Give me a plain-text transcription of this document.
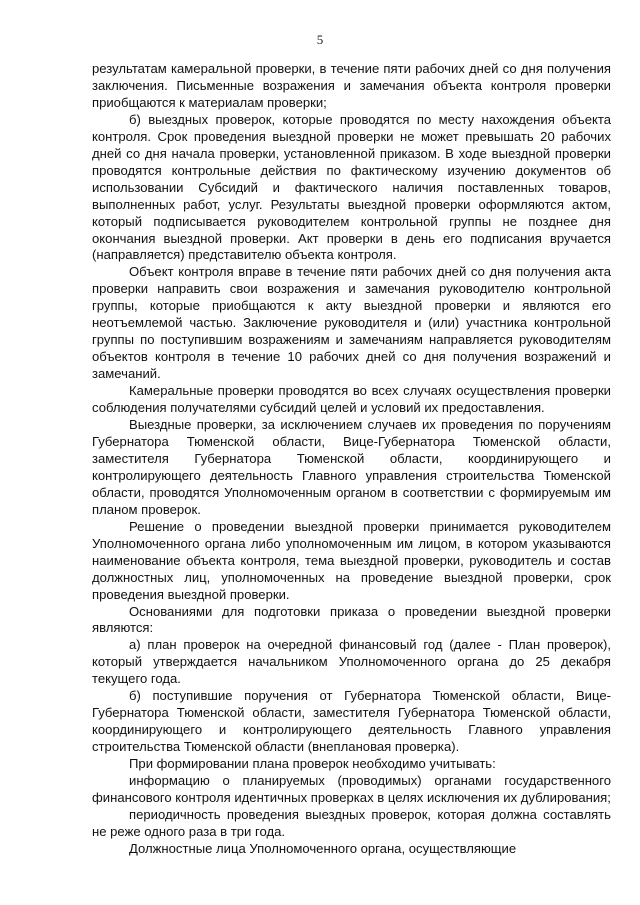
5

результатам камеральной проверки, в течение пяти рабочих дней со дня получения заключения. Письменные возражения и замечания объекта контроля проверки приобщаются к материалам проверки;

б) выездных проверок, которые проводятся по месту нахождения объекта контроля. Срок проведения выездной проверки не может превышать 20 рабочих дней со дня начала проверки, установленной приказом. В ходе выездной проверки проводятся контрольные действия по фактическому изучению документов об использовании Субсидий и фактического наличия поставленных товаров, выполненных работ, услуг. Результаты выездной проверки оформляются актом, который подписывается руководителем контрольной группы не позднее дня окончания выездной проверки. Акт проверки в день его подписания вручается (направляется) представителю объекта контроля.

Объект контроля вправе в течение пяти рабочих дней со дня получения акта проверки направить свои возражения и замечания руководителю контрольной группы, которые приобщаются к акту выездной проверки и являются его неотъемлемой частью. Заключение руководителя и (или) участника контрольной группы по поступившим возражениям и замечаниям направляется руководителям объектов контроля в течение 10 рабочих дней со дня получения возражений и замечаний.

Камеральные проверки проводятся во всех случаях осуществления проверки соблюдения получателями субсидий целей и условий их предоставления.

Выездные проверки, за исключением случаев их проведения по поручениям Губернатора Тюменской области, Вице-Губернатора Тюменской области, заместителя Губернатора Тюменской области, координирующего и контролирующего деятельность Главного управления строительства Тюменской области, проводятся Уполномоченным органом в соответствии с формируемым им планом проверок.

Решение о проведении выездной проверки принимается руководителем Уполномоченного органа либо уполномоченным им лицом, в котором указываются наименование объекта контроля, тема выездной проверки, руководитель и состав должностных лиц, уполномоченных на проведение выездной проверки, срок проведения выездной проверки.

Основаниями для подготовки приказа о проведении выездной проверки являются:

а) план проверок на очередной финансовый год (далее - План проверок), который утверждается начальником Уполномоченного органа до 25 декабря текущего года.

б) поступившие поручения от Губернатора Тюменской области, Вице-Губернатора Тюменской области, заместителя Губернатора Тюменской области, координирующего и контролирующего деятельность Главного управления строительства Тюменской области (внеплановая проверка).

При формировании плана проверок необходимо учитывать:

информацию о планируемых (проводимых) органами государственного финансового контроля идентичных проверках в целях исключения их дублирования;

периодичность проведения выездных проверок, которая должна составлять не реже одного раза в три года.

Должностные лица Уполномоченного органа, осуществляющие
